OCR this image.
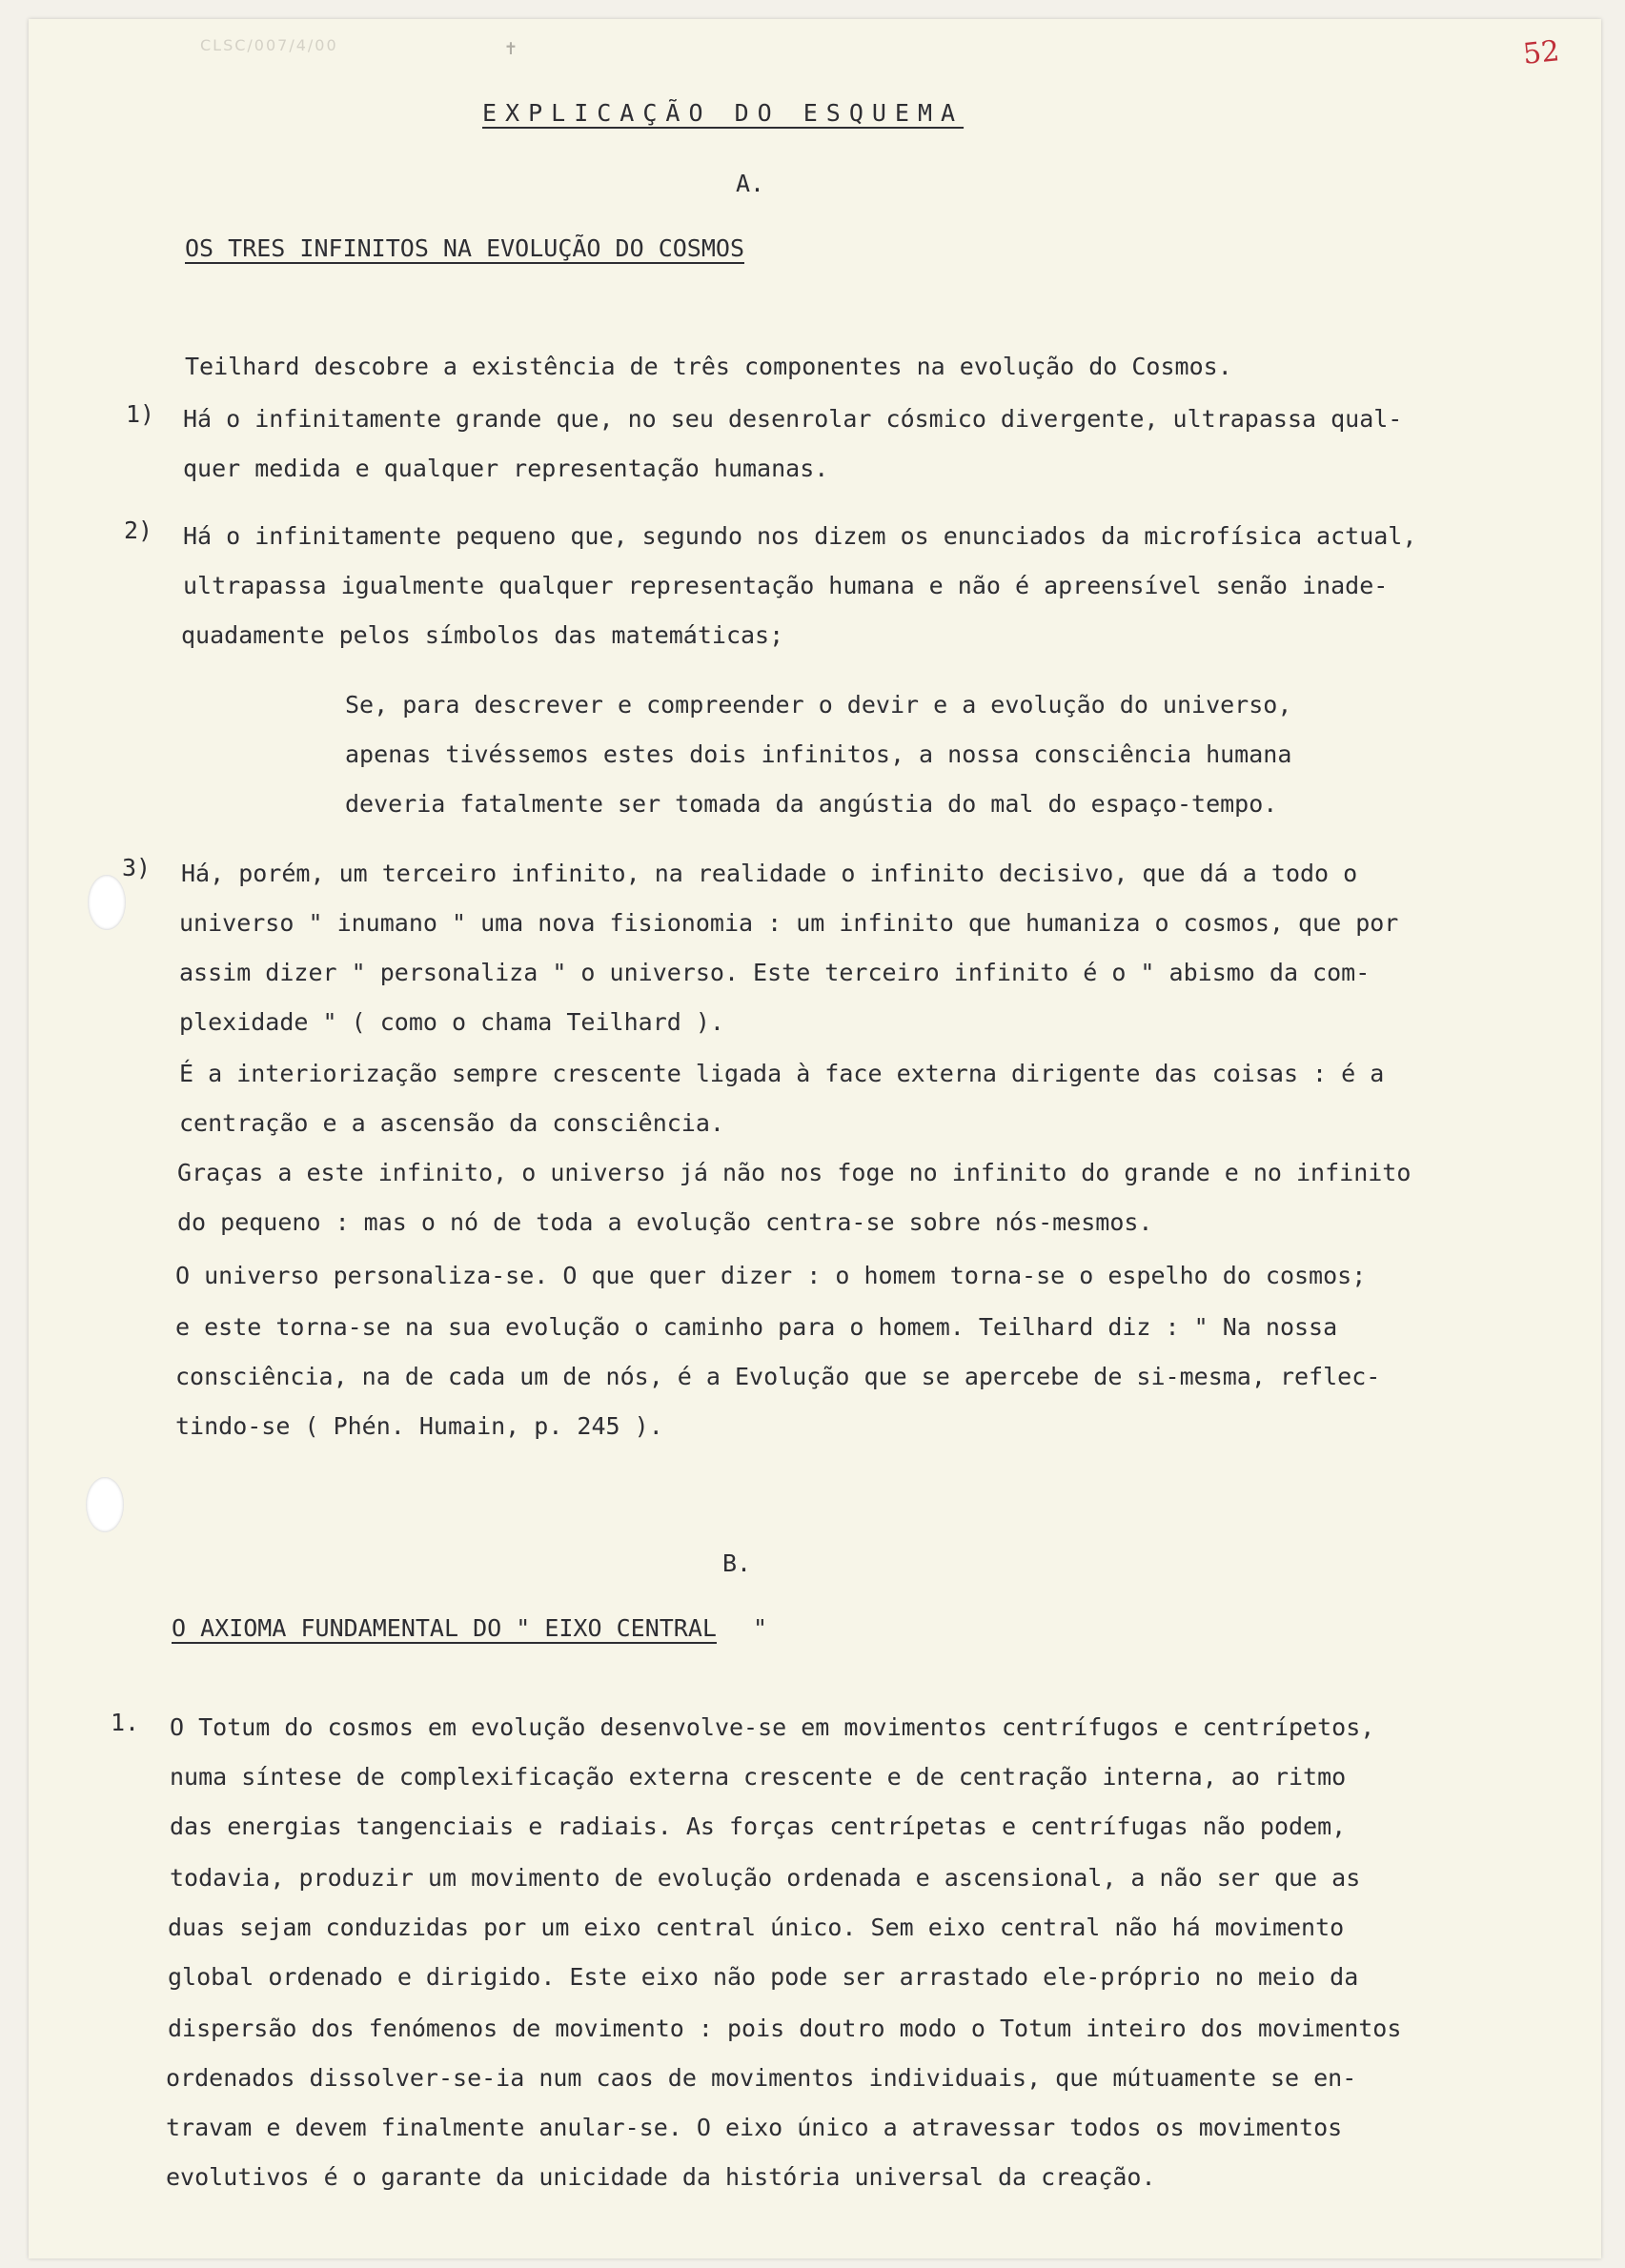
CLSC/007/4/00	52
EXPLICAÇÃO DO ESQUEMA
✝
A.
OS TRES INFINITOS NA EVOLUÇÃO DO COSMOS
Teilhard descobre a existência de três componentes na evolução do Cosmos.
1) Há o infinitamente grande que, no seu desenrolar cósmico divergente, ultrapassa qual-
quer medida e qualquer representação humanas.
2) Há o infinitamente pequeno que, segundo nos dizem os enunciados da microfísica actual,
ultrapassa igualmente qualquer representação humana e não é apreensível senão inade-
quadamente pelos símbolos das matemáticas;
Se, para descrever e compreender o devir e a evolução do universo,
apenas tivéssemos estes dois infinitos, a nossa consciência humana
deveria fatalmente ser tomada da angústia do mal do espaço-tempo.
3) Há, porém, um terceiro infinito, na realidade o infinito decisivo, que dá a todo o
universo " inumano " uma nova fisionomia : um infinito que humaniza o cosmos, que por
assim dizer " personaliza " o universo. Este terceiro infinito é o " abismo da com-
plexidade " ( como o chama Teilhard ).
É a interiorização sempre crescente ligada à face externa dirigente das coisas : é a
centração e a ascensão da consciência.
Graças a este infinito, o universo já não nos foge no infinito do grande e no infinito
do pequeno : mas o nó de toda a evolução centra-se sobre nós-mesmos.
O universo personaliza-se. O que quer dizer : o homem torna-se o espelho do cosmos;
e este torna-se na sua evolução o caminho para o homem. Teilhard diz : " Na nossa
consciência, na de cada um de nós, é a Evolução que se apercebe de si-mesma, reflec-
tindo-se ( Phén. Humain, p. 245 ).
B.
O AXIOMA FUNDAMENTAL DO " EIXO CENTRAL "
1. O Totum do cosmos em evolução desenvolve-se em movimentos centrífugos e centrípetos,
numa síntese de complexificação externa crescente e de centração interna, ao ritmo
das energias tangenciais e radiais. As forças centrípetas e centrífugas não podem,
todavia, produzir um movimento de evolução ordenada e ascensional, a não ser que as
duas sejam conduzidas por um eixo central único. Sem eixo central não há movimento
global ordenado e dirigido. Este eixo não pode ser arrastado ele-próprio no meio da
dispersão dos fenómenos de movimento : pois doutro modo o Totum inteiro dos movimentos
ordenados dissolver-se-ia num caos de movimentos individuais, que mútuamente se en-
travam e devem finalmente anular-se. O eixo único a atravessar todos os movimentos
evolutivos é o garante da unicidade da história universal da creação.
